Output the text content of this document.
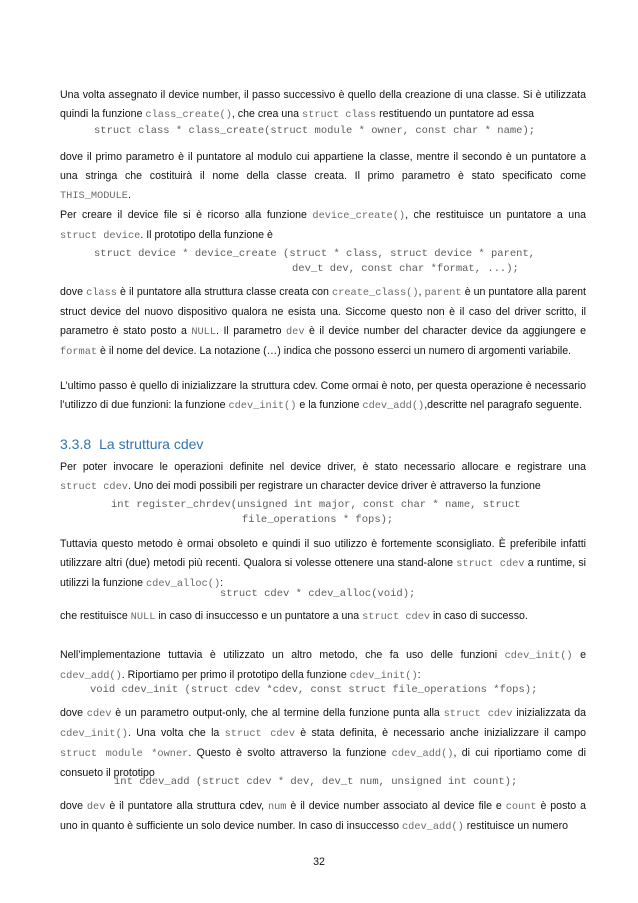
Una volta assegnato il device number, il passo successivo è quello della creazione di una classe. Si è utilizzata quindi la funzione class_create(), che crea una struct class restituendo un puntatore ad essa

struct class * class_create(struct module * owner, const char * name);

dove il primo parametro è il puntatore al modulo cui appartiene la classe, mentre il secondo è un puntatore a una stringa che costituirà il nome della classe creata. Il primo parametro è stato specificato come THIS_MODULE.

Per creare il device file si è ricorso alla funzione device_create(), che restituisce un puntatore a una struct device. Il prototipo della funzione è

struct device * device_create (struct * class, struct device * parent,
dev_t dev, const char *format, ...);

dove class è il puntatore alla struttura classe creata con create_class(), parent è un puntatore alla parent struct device del nuovo dispositivo qualora ne esista una. Siccome questo non è il caso del driver scritto, il parametro è stato posto a NULL. Il parametro dev è il device number del character device da aggiungere e format è il nome del device. La notazione (…) indica che possono esserci un numero di argomenti variabile.

L’ultimo passo è quello di inizializzare la struttura cdev. Come ormai è noto, per questa operazione è necessario l’utilizzo di due funzioni: la funzione cdev_init() e la funzione cdev_add(),descritte nel paragrafo seguente.

3.3.8 La struttura cdev

Per poter invocare le operazioni definite nel device driver, è stato necessario allocare e registrare una struct cdev. Uno dei modi possibili per registrare un character device driver è attraverso la funzione

int register_chrdev(unsigned int major, const char * name, struct
file_operations * fops);

Tuttavia questo metodo è ormai obsoleto e quindi il suo utilizzo è fortemente sconsigliato. È preferibile infatti utilizzare altri (due) metodi più recenti. Qualora si volesse ottenere una stand-alone struct cdev a runtime, si utilizzi la funzione cdev_alloc():

struct cdev * cdev_alloc(void);

che restituisce NULL in caso di insuccesso e un puntatore a una struct cdev in caso di successo.

Nell’implementazione tuttavia è utilizzato un altro metodo, che fa uso delle funzioni cdev_init() e cdev_add(). Riportiamo per primo il prototipo della funzione cdev_init():

void cdev_init (struct cdev *cdev, const struct file_operations *fops);

dove cdev è un parametro output-only, che al termine della funzione punta alla struct cdev inizializzata da cdev_init(). Una volta che la struct cdev è stata definita, è necessario anche inizializzare il campo struct module *owner. Questo è svolto attraverso la funzione cdev_add(), di cui riportiamo come di consueto il prototipo

int cdev_add (struct cdev * dev, dev_t num, unsigned int count);

dove dev è il puntatore alla struttura cdev, num è il device number associato al device file e count è posto a uno in quanto è sufficiente un solo device number. In caso di insuccesso cdev_add() restituisce un numero

32
